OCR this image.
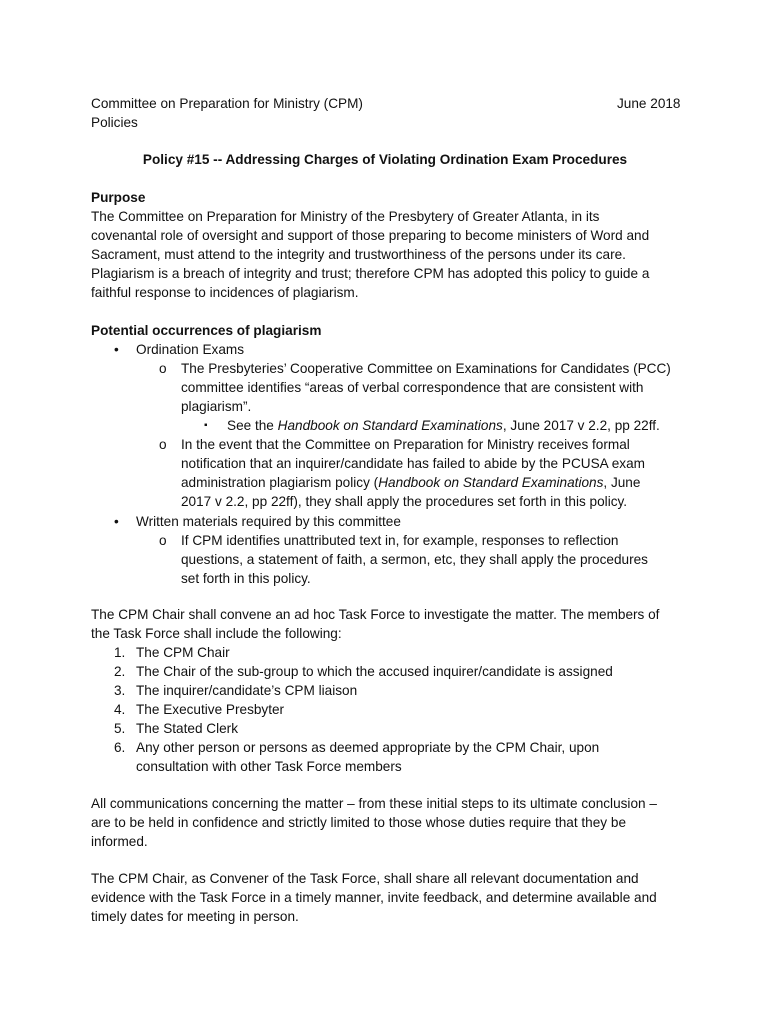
Committee on Preparation for Ministry (CPM)	June 2018
Policies
Policy #15 -- Addressing Charges of Violating Ordination Exam Procedures
Purpose
The Committee on Preparation for Ministry of the Presbytery of Greater Atlanta, in its
covenantal role of oversight and support of those preparing to become ministers of Word and
Sacrament, must attend to the integrity and trustworthiness of the persons under its care.
Plagiarism is a breach of integrity and trust; therefore CPM has adopted this policy to guide a
faithful response to incidences of plagiarism.
Potential occurrences of plagiarism
• Ordination Exams
o The Presbyteries’ Cooperative Committee on Examinations for Candidates (PCC)
committee identifies “areas of verbal correspondence that are consistent with
plagiarism”.
▪ See the Handbook on Standard Examinations, June 2017 v 2.2, pp 22ff.
o In the event that the Committee on Preparation for Ministry receives formal
notification that an inquirer/candidate has failed to abide by the PCUSA exam
administration plagiarism policy (Handbook on Standard Examinations, June
2017 v 2.2, pp 22ff), they shall apply the procedures set forth in this policy.
• Written materials required by this committee
o If CPM identifies unattributed text in, for example, responses to reflection
questions, a statement of faith, a sermon, etc, they shall apply the procedures
set forth in this policy.
The CPM Chair shall convene an ad hoc Task Force to investigate the matter. The members of
the Task Force shall include the following:
1. The CPM Chair
2. The Chair of the sub-group to which the accused inquirer/candidate is assigned
3. The inquirer/candidate’s CPM liaison
4. The Executive Presbyter
5. The Stated Clerk
6. Any other person or persons as deemed appropriate by the CPM Chair, upon
consultation with other Task Force members
All communications concerning the matter – from these initial steps to its ultimate conclusion –
are to be held in confidence and strictly limited to those whose duties require that they be
informed.
The CPM Chair, as Convener of the Task Force, shall share all relevant documentation and
evidence with the Task Force in a timely manner, invite feedback, and determine available and
timely dates for meeting in person.
